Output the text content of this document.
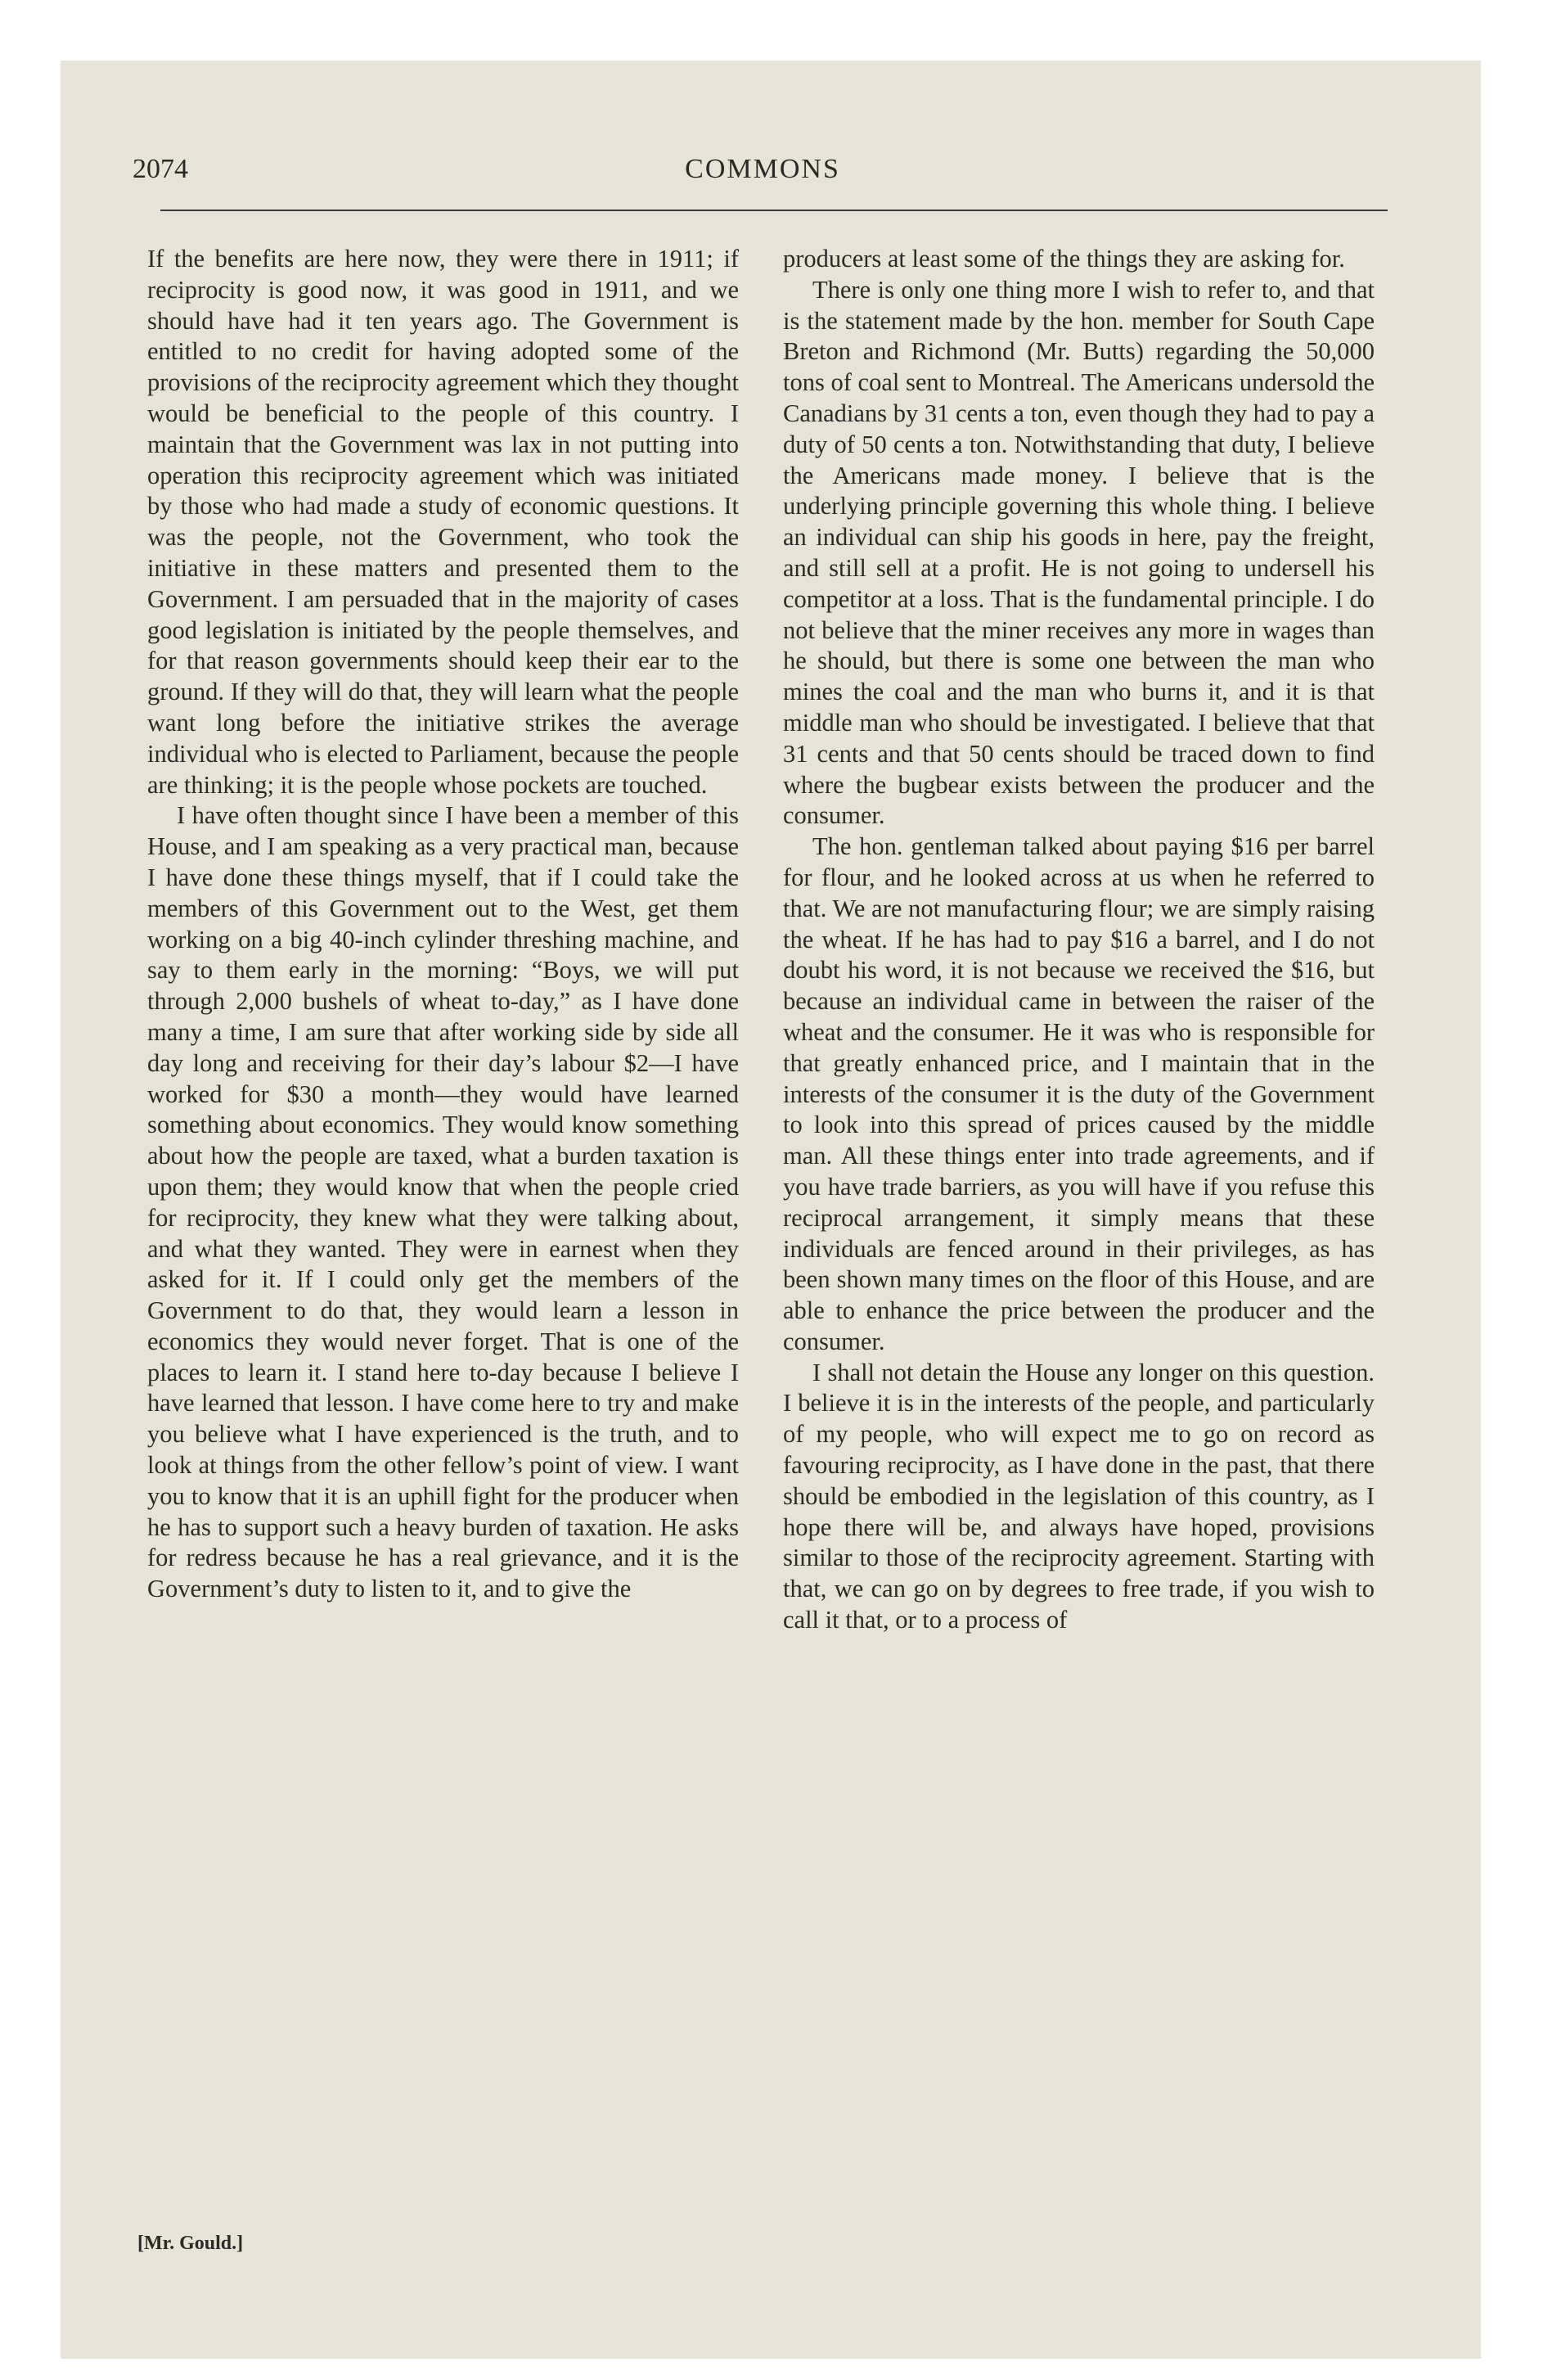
2074	COMMONS

If the benefits are here now, they were there in 1911; if reciprocity is good now, it was good in 1911, and we should have had it ten years ago. The Government is entitled to no credit for having adopted some of the provisions of the reciprocity agreement which they thought would be beneficial to the people of this country. I maintain that the Government was lax in not putting into operation this reciprocity agreement which was initiated by those who had made a study of economic questions. It was the people, not the Government, who took the initiative in these matters and presented them to the Government. I am persuaded that in the majority of cases good legislation is initiated by the people themselves, and for that reason governments should keep their ear to the ground. If they will do that, they will learn what the people want long before the initiative strikes the average individual who is elected to Parliament, because the people are thinking; it is the people whose pockets are touched.

I have often thought since I have been a member of this House, and I am speaking as a very practical man, because I have done these things myself, that if I could take the members of this Government out to the West, get them working on a big 40-inch cylinder threshing machine, and say to them early in the morning: “Boys, we will put through 2,000 bushels of wheat to-day,” as I have done many a time, I am sure that after working side by side all day long and receiving for their day’s labour $2—I have worked for $30 a month—they would have learned something about economics. They would know something about how the people are taxed, what a burden taxation is upon them; they would know that when the people cried for reciprocity, they knew what they were talking about, and what they wanted. They were in earnest when they asked for it. If I could only get the members of the Government to do that, they would learn a lesson in economics they would never forget. That is one of the places to learn it. I stand here to-day because I believe I have learned that lesson. I have come here to try and make you believe what I have experienced is the truth, and to look at things from the other fellow’s point of view. I want you to know that it is an uphill fight for the producer when he has to support such a heavy burden of taxation. He asks for redress because he has a real grievance, and it is the Government’s duty to listen to it, and to give the

producers at least some of the things they are asking for.

There is only one thing more I wish to refer to, and that is the statement made by the hon. member for South Cape Breton and Richmond (Mr. Butts) regarding the 50,000 tons of coal sent to Montreal. The Americans undersold the Canadians by 31 cents a ton, even though they had to pay a duty of 50 cents a ton. Notwithstanding that duty, I believe the Americans made money. I believe that is the underlying principle governing this whole thing. I believe an individual can ship his goods in here, pay the freight, and still sell at a profit. He is not going to undersell his competitor at a loss. That is the fundamental principle. I do not believe that the miner receives any more in wages than he should, but there is some one between the man who mines the coal and the man who burns it, and it is that middle man who should be investigated. I believe that that 31 cents and that 50 cents should be traced down to find where the bugbear exists between the producer and the consumer.

The hon. gentleman talked about paying $16 per barrel for flour, and he looked across at us when he referred to that. We are not manufacturing flour; we are simply raising the wheat. If he has had to pay $16 a barrel, and I do not doubt his word, it is not because we received the $16, but because an individual came in between the raiser of the wheat and the consumer. He it was who is responsible for that greatly enhanced price, and I maintain that in the interests of the consumer it is the duty of the Government to look into this spread of prices caused by the middle man. All these things enter into trade agreements, and if you have trade barriers, as you will have if you refuse this reciprocal arrangement, it simply means that these individuals are fenced around in their privileges, as has been shown many times on the floor of this House, and are able to enhance the price between the producer and the consumer.

I shall not detain the House any longer on this question. I believe it is in the interests of the people, and particularly of my people, who will expect me to go on record as favouring reciprocity, as I have done in the past, that there should be embodied in the legislation of this country, as I hope there will be, and always have hoped, provisions similar to those of the reciprocity agreement. Starting with that, we can go on by degrees to free trade, if you wish to call it that, or to a process of

[Mr. Gould.]
